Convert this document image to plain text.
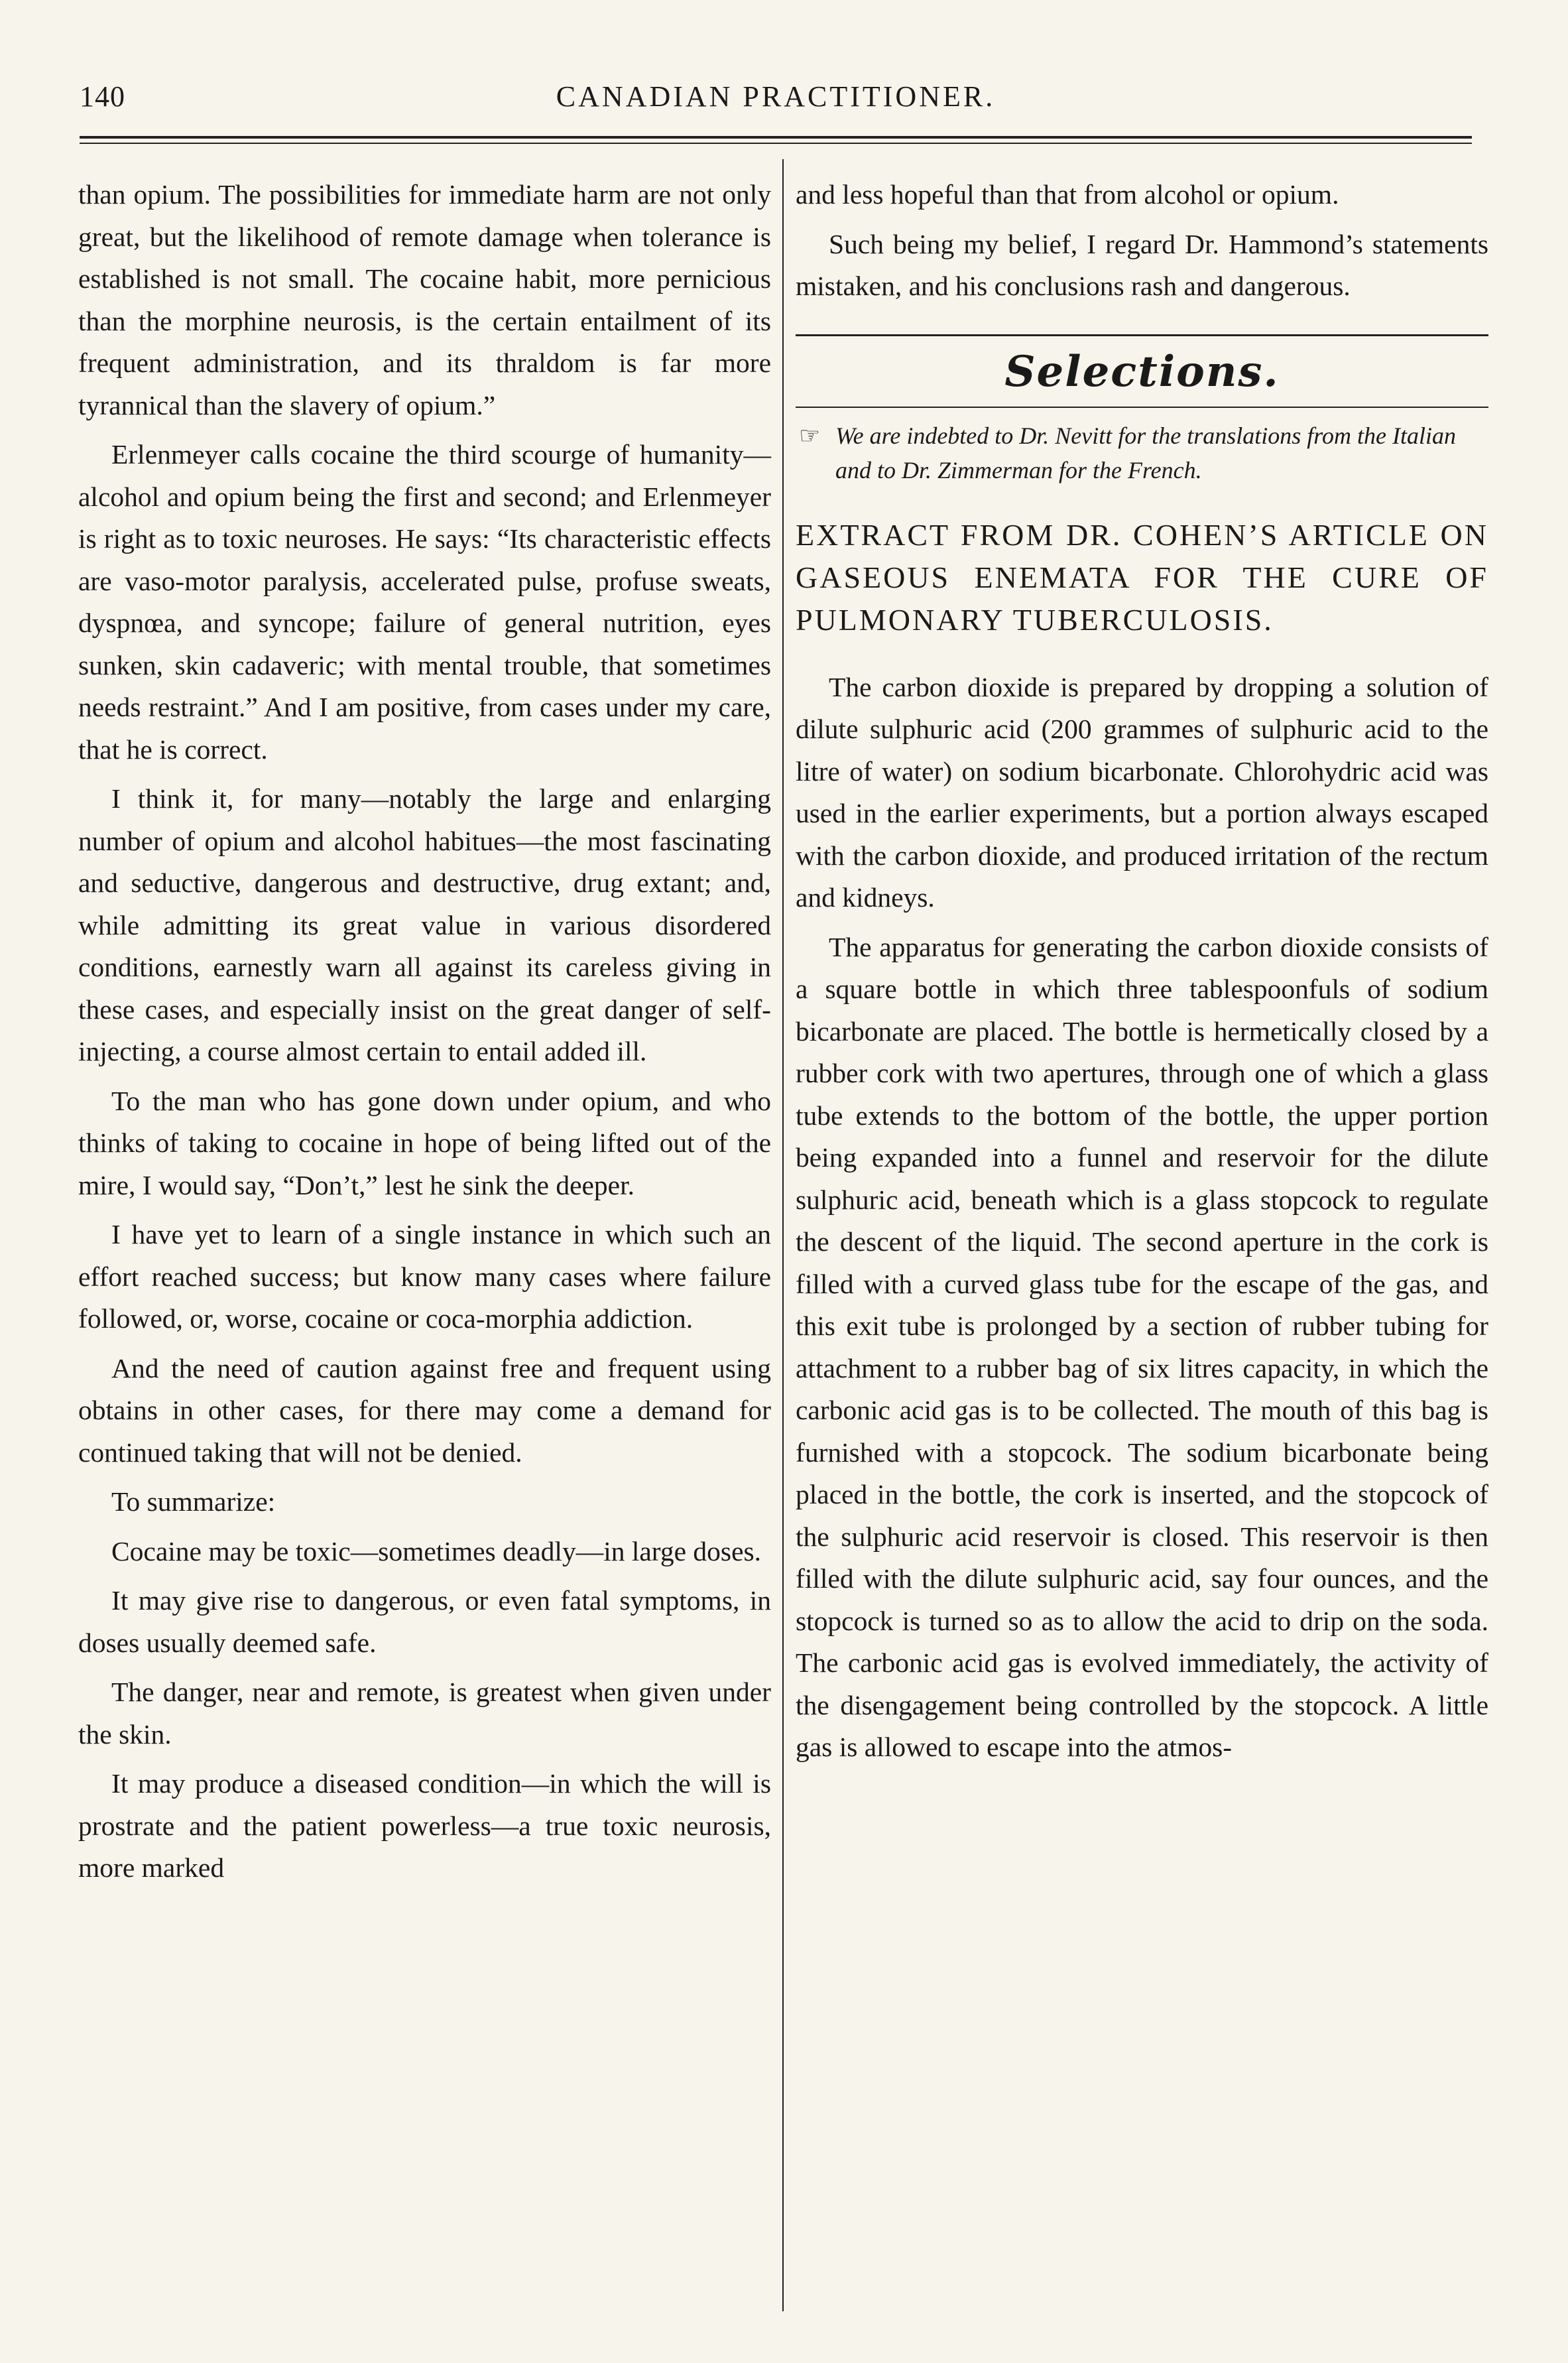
140	CANADIAN PRACTITIONER.

than opium. The possibilities for immediate harm are not only great, but the likelihood of remote damage when tolerance is established is not small. The cocaine habit, more pernicious than the morphine neurosis, is the certain entailment of its frequent administration, and its thraldom is far more tyrannical than the slavery of opium.”

Erlenmeyer calls cocaine the third scourge of humanity—alcohol and opium being the first and second; and Erlenmeyer is right as to toxic neuroses. He says: “Its characteristic effects are vaso-motor paralysis, accelerated pulse, profuse sweats, dyspnœa, and syncope; failure of general nutrition, eyes sunken, skin cadaveric; with mental trouble, that sometimes needs restraint.” And I am positive, from cases under my care, that he is correct.

I think it, for many—notably the large and enlarging number of opium and alcohol habitues—the most fascinating and seductive, dangerous and destructive, drug extant; and, while admitting its great value in various disordered conditions, earnestly warn all against its careless giving in these cases, and especially insist on the great danger of self-injecting, a course almost certain to entail added ill.

To the man who has gone down under opium, and who thinks of taking to cocaine in hope of being lifted out of the mire, I would say, “Don’t,” lest he sink the deeper.

I have yet to learn of a single instance in which such an effort reached success; but know many cases where failure followed, or, worse, cocaine or coca-morphia addiction.

And the need of caution against free and frequent using obtains in other cases, for there may come a demand for continued taking that will not be denied.

To summarize:

Cocaine may be toxic—sometimes deadly—in large doses.

It may give rise to dangerous, or even fatal symptoms, in doses usually deemed safe.

The danger, near and remote, is greatest when given under the skin.

It may produce a diseased condition—in which the will is prostrate and the patient powerless—a true toxic neurosis, more marked

and less hopeful than that from alcohol or opium.

Such being my belief, I regard Dr. Hammond’s statements mistaken, and his conclusions rash and dangerous.

Selections.
☞ We are indebted to Dr. Nevitt for the translations from the Italian and to Dr. Zimmerman for the French.
EXTRACT FROM DR. COHEN’S ARTICLE ON GASEOUS ENEMATA FOR THE CURE OF PULMONARY TUBERCULOSIS.

The carbon dioxide is prepared by dropping a solution of dilute sulphuric acid (200 grammes of sulphuric acid to the litre of water) on sodium bicarbonate. Chlorohydric acid was used in the earlier experiments, but a portion always escaped with the carbon dioxide, and produced irritation of the rectum and kidneys.

The apparatus for generating the carbon dioxide consists of a square bottle in which three tablespoonfuls of sodium bicarbonate are placed. The bottle is hermetically closed by a rubber cork with two apertures, through one of which a glass tube extends to the bottom of the bottle, the upper portion being expanded into a funnel and reservoir for the dilute sulphuric acid, beneath which is a glass stopcock to regulate the descent of the liquid. The second aperture in the cork is filled with a curved glass tube for the escape of the gas, and this exit tube is prolonged by a section of rubber tubing for attachment to a rubber bag of six litres capacity, in which the carbonic acid gas is to be collected. The mouth of this bag is furnished with a stopcock. The sodium bicarbonate being placed in the bottle, the cork is inserted, and the stopcock of the sulphuric acid reservoir is closed. This reservoir is then filled with the dilute sulphuric acid, say four ounces, and the stopcock is turned so as to allow the acid to drip on the soda. The carbonic acid gas is evolved immediately, the activity of the disengagement being controlled by the stopcock. A little gas is allowed to escape into the atmos-
